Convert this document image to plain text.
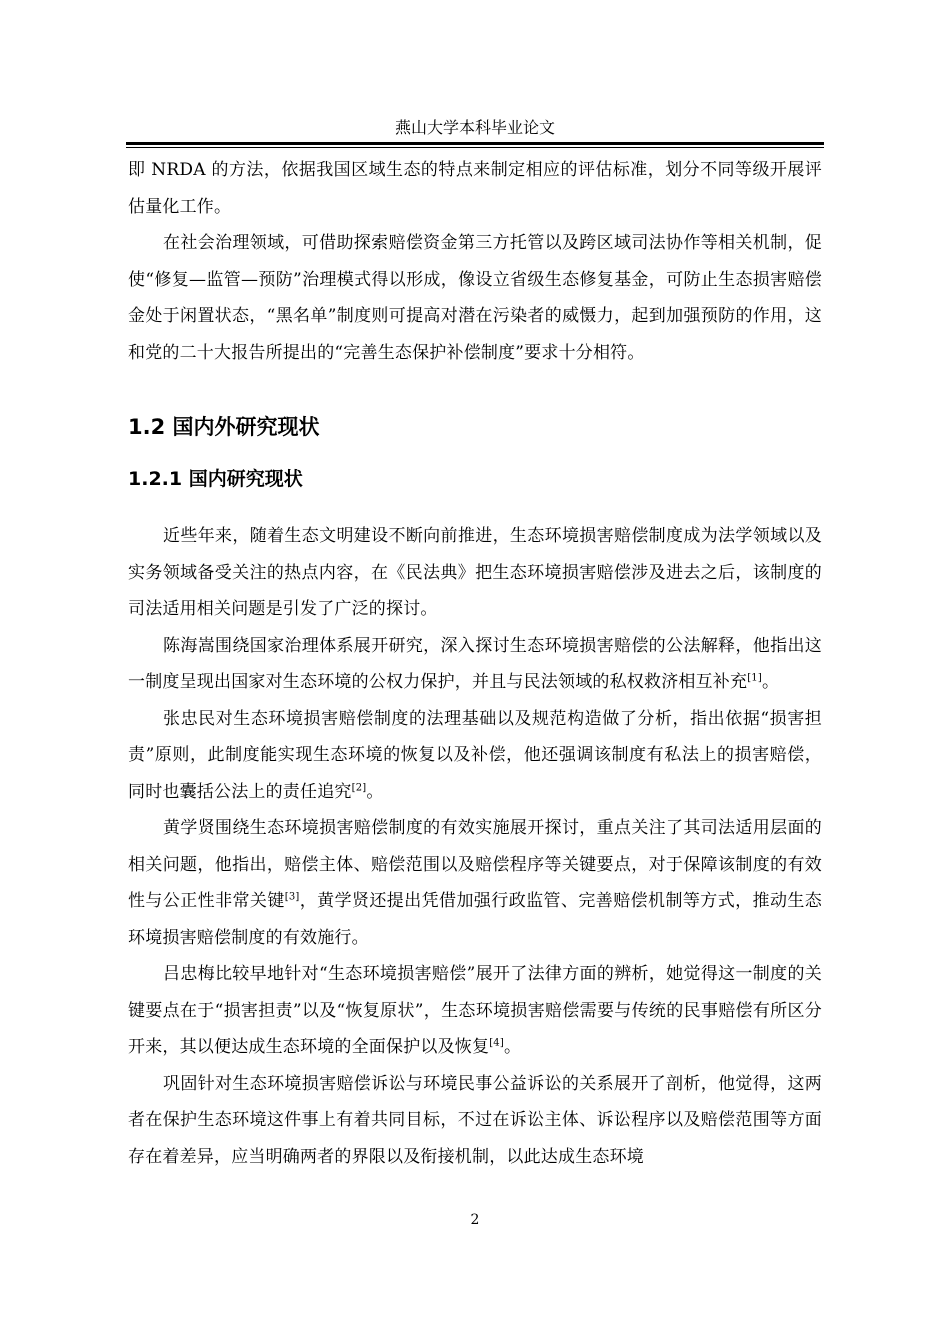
燕山大学本科毕业论文

即 NRDA 的方法，依据我国区域生态的特点来制定相应的评估标准，划分不同等级开展评估量化工作。

在社会治理领域，可借助探索赔偿资金第三方托管以及跨区域司法协作等相关机制，促使“修复—监管—预防”治理模式得以形成，像设立省级生态修复基金，可防止生态损害赔偿金处于闲置状态，“黑名单”制度则可提高对潜在污染者的威慑力，起到加强预防的作用，这和党的二十大报告所提出的“完善生态保护补偿制度”要求十分相符。

1.2 国内外研究现状
1.2.1 国内研究现状

近些年来，随着生态文明建设不断向前推进，生态环境损害赔偿制度成为法学领域以及实务领域备受关注的热点内容，在《民法典》把生态环境损害赔偿涉及进去之后，该制度的司法适用相关问题是引发了广泛的探讨。

陈海嵩围绕国家治理体系展开研究，深入探讨生态环境损害赔偿的公法解释，他指出这一制度呈现出国家对生态环境的公权力保护，并且与民法领域的私权救济相互补充[1]。

张忠民对生态环境损害赔偿制度的法理基础以及规范构造做了分析，指出依据“损害担责”原则，此制度能实现生态环境的恢复以及补偿，他还强调该制度有私法上的损害赔偿，同时也囊括公法上的责任追究[2]。

黄学贤围绕生态环境损害赔偿制度的有效实施展开探讨，重点关注了其司法适用层面的相关问题，他指出，赔偿主体、赔偿范围以及赔偿程序等关键要点，对于保障该制度的有效性与公正性非常关键[3]，黄学贤还提出凭借加强行政监管、完善赔偿机制等方式，推动生态环境损害赔偿制度的有效施行。

吕忠梅比较早地针对“生态环境损害赔偿”展开了法律方面的辨析，她觉得这一制度的关键要点在于“损害担责”以及“恢复原状”，生态环境损害赔偿需要与传统的民事赔偿有所区分开来，其以便达成生态环境的全面保护以及恢复[4]。

巩固针对生态环境损害赔偿诉讼与环境民事公益诉讼的关系展开了剖析，他觉得，这两者在保护生态环境这件事上有着共同目标，不过在诉讼主体、诉讼程序以及赔偿范围等方面存在着差异，应当明确两者的界限以及衔接机制，以此达成生态环境

2
